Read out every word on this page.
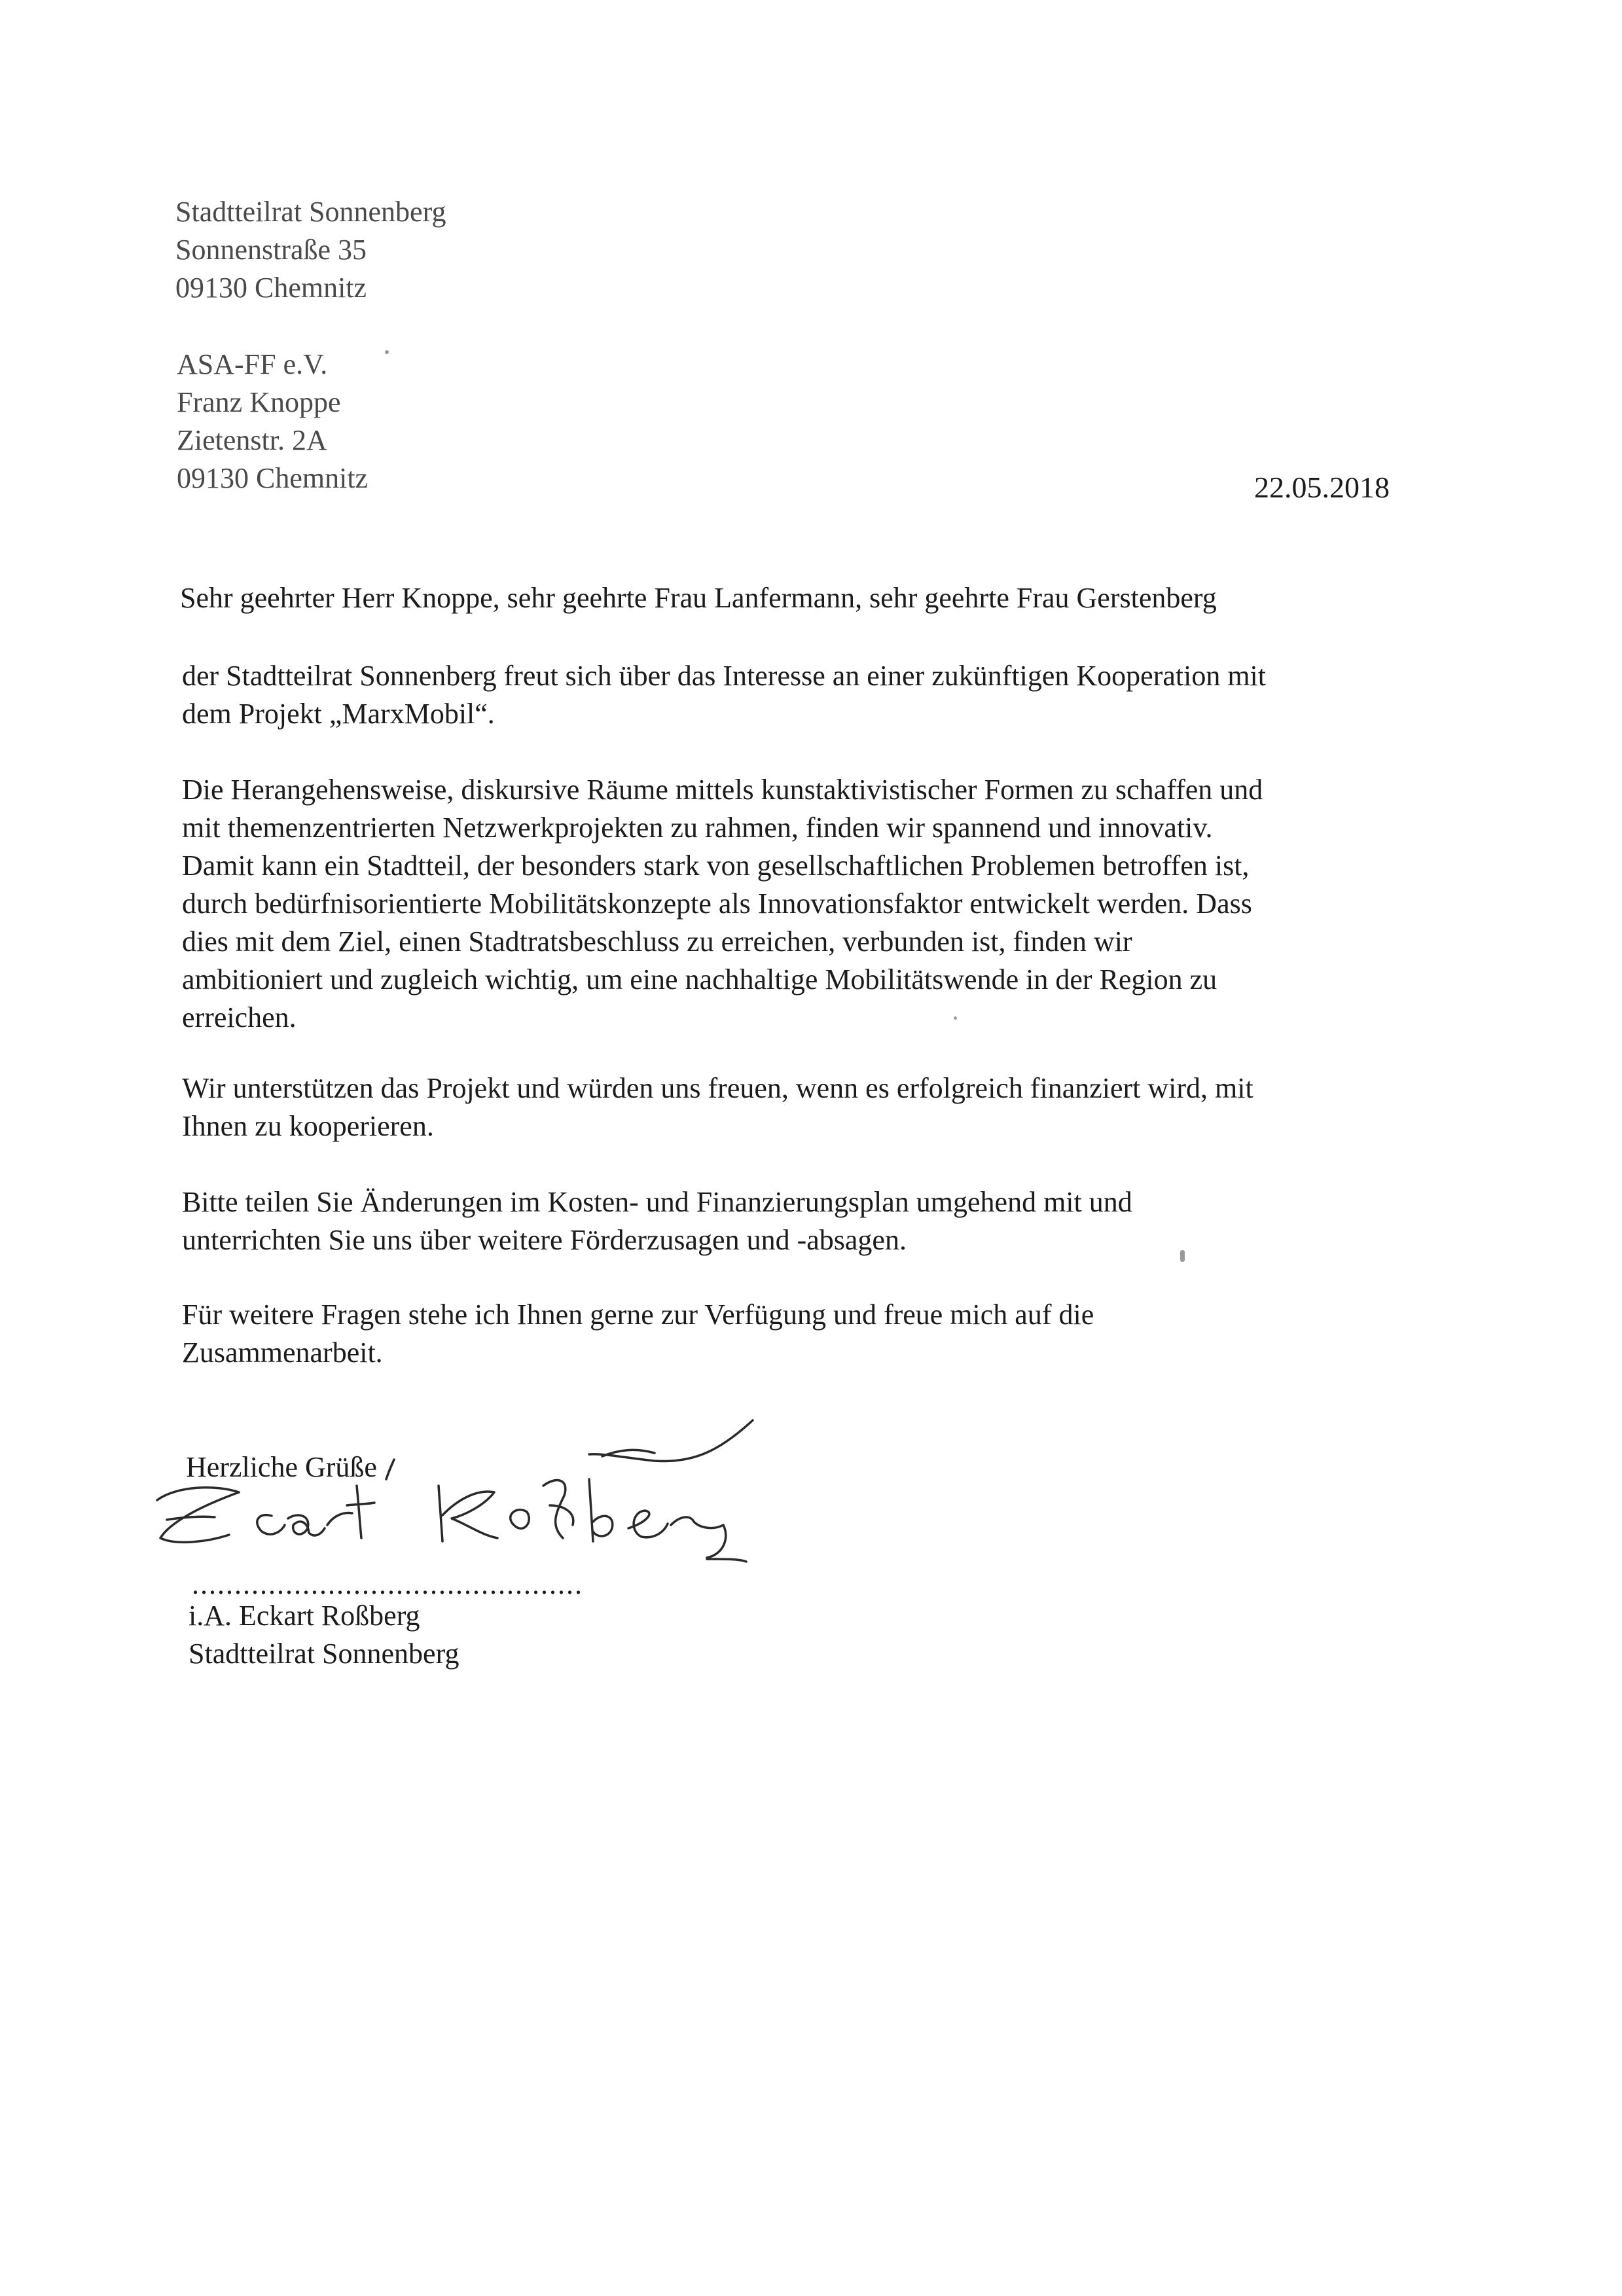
Stadtteilrat Sonnenberg
Sonnenstraße 35
09130 Chemnitz
ASA-FF e.V.
Franz Knoppe
Zietenstr. 2A
09130 Chemnitz	22.05.2018
Sehr geehrter Herr Knoppe, sehr geehrte Frau Lanfermann, sehr geehrte Frau Gerstenberg
der Stadtteilrat Sonnenberg freut sich über das Interesse an einer zukünftigen Kooperation mit
dem Projekt „MarxMobil“.
Die Herangehensweise, diskursive Räume mittels kunstaktivistischer Formen zu schaffen und
mit themenzentrierten Netzwerkprojekten zu rahmen, finden wir spannend und innovativ.
Damit kann ein Stadtteil, der besonders stark von gesellschaftlichen Problemen betroffen ist,
durch bedürfnisorientierte Mobilitätskonzepte als Innovationsfaktor entwickelt werden. Dass
dies mit dem Ziel, einen Stadtratsbeschluss zu erreichen, verbunden ist, finden wir
ambitioniert und zugleich wichtig, um eine nachhaltige Mobilitätswende in der Region zu
erreichen.
Wir unterstützen das Projekt und würden uns freuen, wenn es erfolgreich finanziert wird, mit
Ihnen zu kooperieren.
Bitte teilen Sie Änderungen im Kosten- und Finanzierungsplan umgehend mit und
unterrichten Sie uns über weitere Förderzusagen und -absagen.
Für weitere Fragen stehe ich Ihnen gerne zur Verfügung und freue mich auf die
Zusammenarbeit.
Herzliche Grüße
..............................................
i.A. Eckart Roßberg
Stadtteilrat Sonnenberg
